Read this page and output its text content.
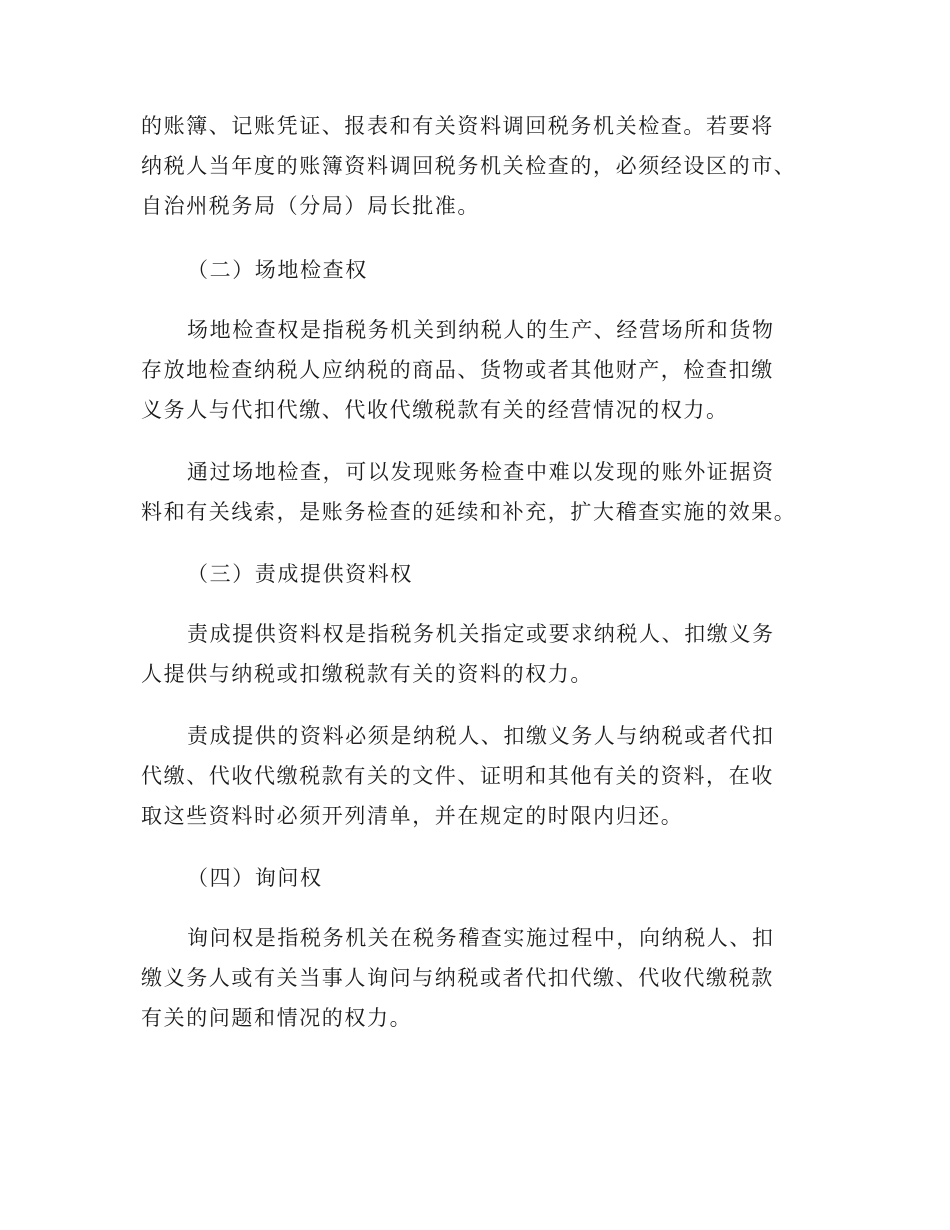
的账簿、记账凭证、报表和有关资料调回税务机关检查。若要将
纳税人当年度的账簿资料调回税务机关检查的，必须经设区的市、
自治州税务局（分局）局长批准。
（二）场地检查权
场地检查权是指税务机关到纳税人的生产、经营场所和货物
存放地检查纳税人应纳税的商品、货物或者其他财产，检查扣缴
义务人与代扣代缴、代收代缴税款有关的经营情况的权力。
通过场地检查，可以发现账务检查中难以发现的账外证据资
料和有关线索，是账务检查的延续和补充，扩大稽查实施的效果。
（三）责成提供资料权
责成提供资料权是指税务机关指定或要求纳税人、扣缴义务
人提供与纳税或扣缴税款有关的资料的权力。
责成提供的资料必须是纳税人、扣缴义务人与纳税或者代扣
代缴、代收代缴税款有关的文件、证明和其他有关的资料，在收
取这些资料时必须开列清单，并在规定的时限内归还。
（四）询问权
询问权是指税务机关在税务稽查实施过程中，向纳税人、扣
缴义务人或有关当事人询问与纳税或者代扣代缴、代收代缴税款
有关的问题和情况的权力。
